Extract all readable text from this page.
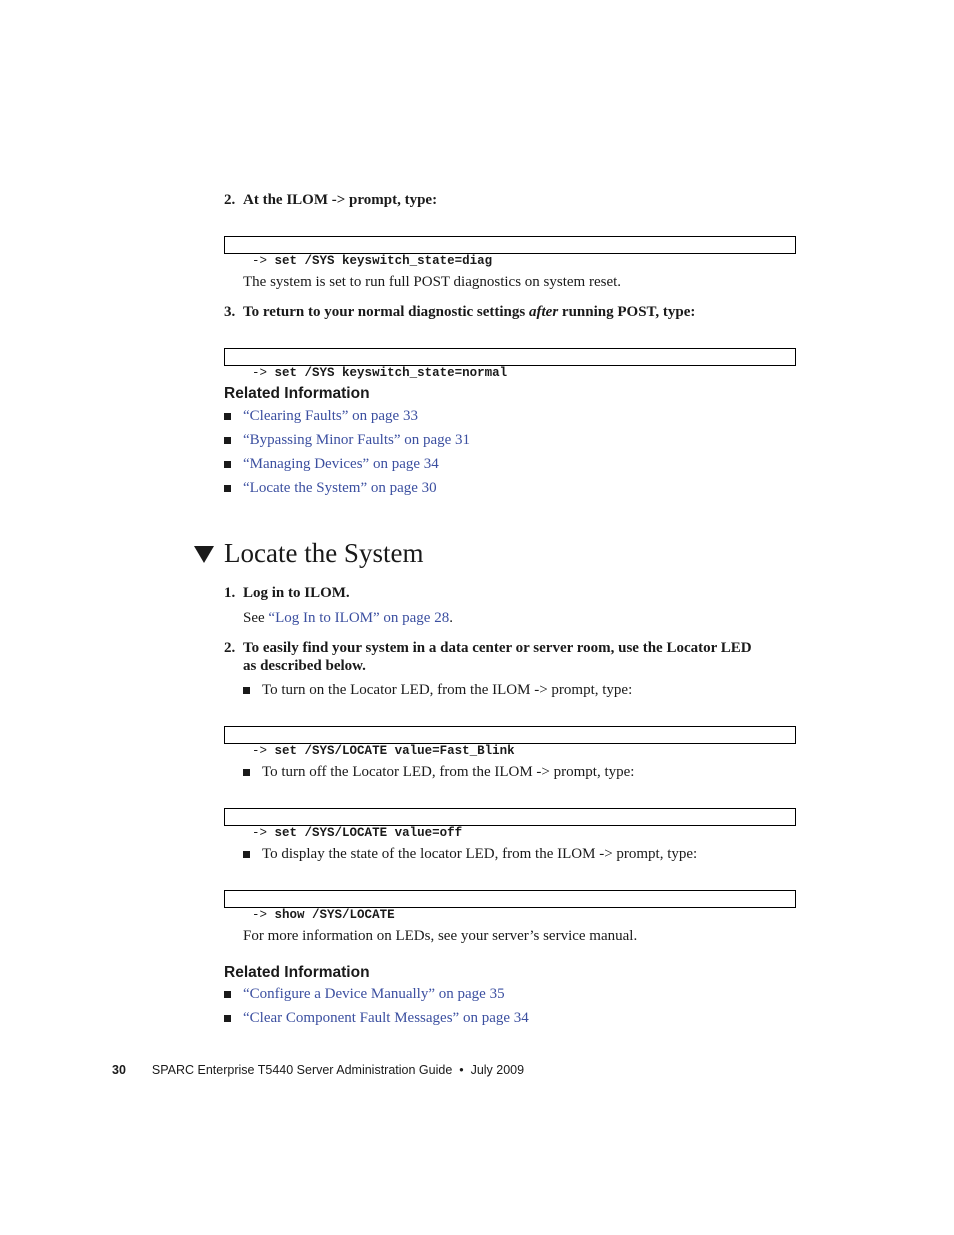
2. At the ILOM -> prompt, type:

-> set /SYS keyswitch_state=diag

The system is set to run full POST diagnostics on system reset.
3. To return to your normal diagnostic settings after running POST, type:

-> set /SYS keyswitch_state=normal

Related Information
“Clearing Faults” on page 33
“Bypassing Minor Faults” on page 31
“Managing Devices” on page 34
“Locate the System” on page 30
Locate the System
1. Log in to ILOM.
See “Log In to ILOM” on page 28.
2. To easily find your system in a data center or server room, use the Locator LED
as described below.
To turn on the Locator LED, from the ILOM -> prompt, type:

-> set /SYS/LOCATE value=Fast_Blink

To turn off the Locator LED, from the ILOM -> prompt, type:

-> set /SYS/LOCATE value=off

To display the state of the locator LED, from the ILOM -> prompt, type:

-> show /SYS/LOCATE

For more information on LEDs, see your server’s service manual.
Related Information
“Configure a Device Manually” on page 35
“Clear Component Fault Messages” on page 34
30 SPARC Enterprise T5440 Server Administration Guide • July 2009
